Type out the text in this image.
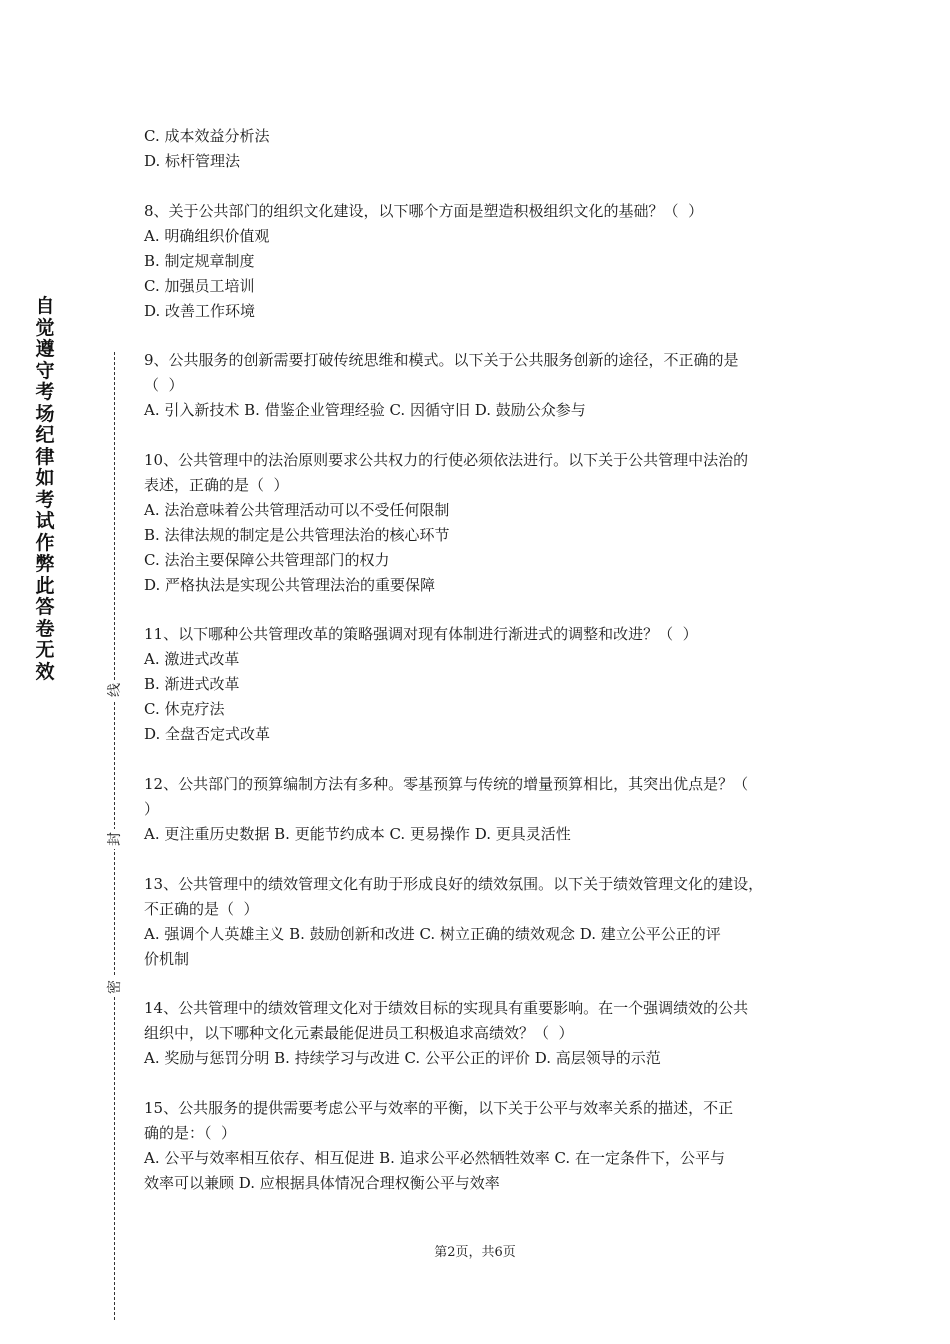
自觉遵守考场纪律如考试作弊此答卷无效
线
封
密
C. 成本效益分析法
D. 标杆管理法
8、关于公共部门的组织文化建设，以下哪个方面是塑造积极组织文化的基础？（  ）
A. 明确组织价值观
B. 制定规章制度
C. 加强员工培训
D. 改善工作环境
9、公共服务的创新需要打破传统思维和模式。以下关于公共服务创新的途径，不正确的是
（  ）
A. 引入新技术 B. 借鉴企业管理经验 C. 因循守旧 D. 鼓励公众参与
10、公共管理中的法治原则要求公共权力的行使必须依法进行。以下关于公共管理中法治的
表述，正确的是（  ）
A. 法治意味着公共管理活动可以不受任何限制
B. 法律法规的制定是公共管理法治的核心环节
C. 法治主要保障公共管理部门的权力
D. 严格执法是实现公共管理法治的重要保障
11、以下哪种公共管理改革的策略强调对现有体制进行渐进式的调整和改进？（  ）
A. 激进式改革
B. 渐进式改革
C. 休克疗法
D. 全盘否定式改革
12、公共部门的预算编制方法有多种。零基预算与传统的增量预算相比，其突出优点是？（
）
A. 更注重历史数据 B. 更能节约成本 C. 更易操作 D. 更具灵活性
13、公共管理中的绩效管理文化有助于形成良好的绩效氛围。以下关于绩效管理文化的建设，
不正确的是（  ）
A. 强调个人英雄主义 B. 鼓励创新和改进 C. 树立正确的绩效观念 D. 建立公平公正的评
价机制
14、公共管理中的绩效管理文化对于绩效目标的实现具有重要影响。在一个强调绩效的公共
组织中，以下哪种文化元素最能促进员工积极追求高绩效？（  ）
A. 奖励与惩罚分明 B. 持续学习与改进 C. 公平公正的评价 D. 高层领导的示范
15、公共服务的提供需要考虑公平与效率的平衡，以下关于公平与效率关系的描述，不正
确的是：（  ）
A. 公平与效率相互依存、相互促进 B. 追求公平必然牺牲效率 C. 在一定条件下，公平与
效率可以兼顾 D. 应根据具体情况合理权衡公平与效率
第2页，共6页
